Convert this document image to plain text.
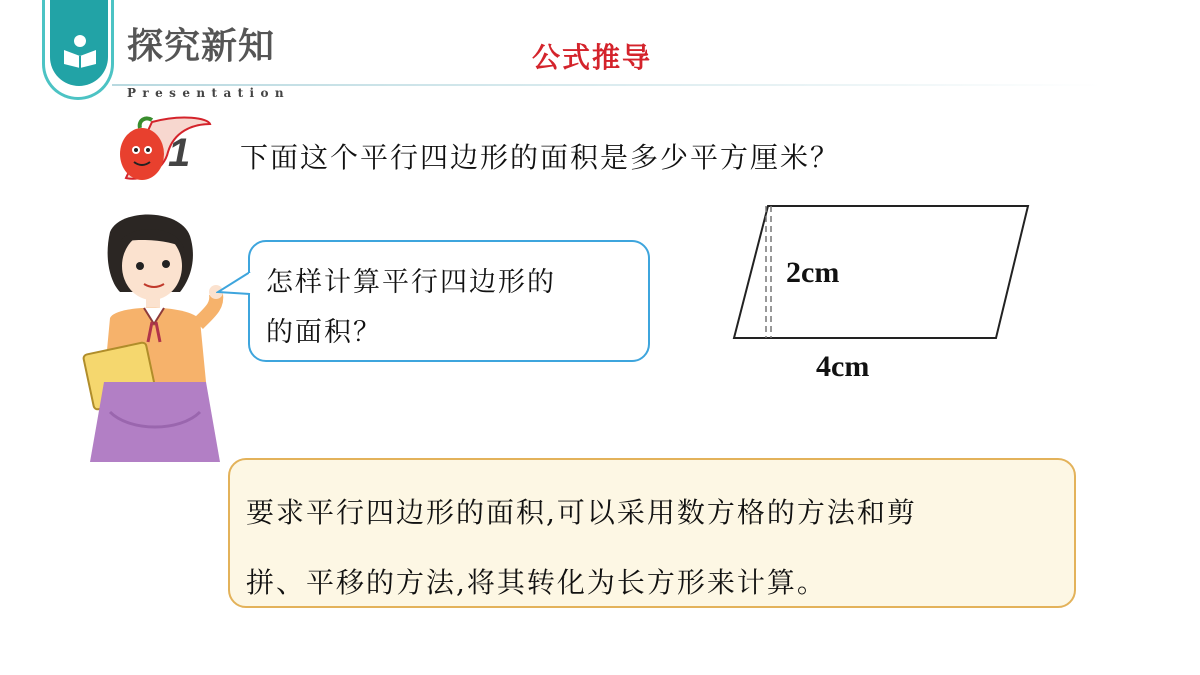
探究新知
Presentation
公式推导
1 下面这个平行四边形的面积是多少平方厘米？
怎样计算平行四边形的
的面积？
2cm
4cm
要求平行四边形的面积,可以采用数方格的方法和剪
拼、平移的方法,将其转化为长方形来计算。
